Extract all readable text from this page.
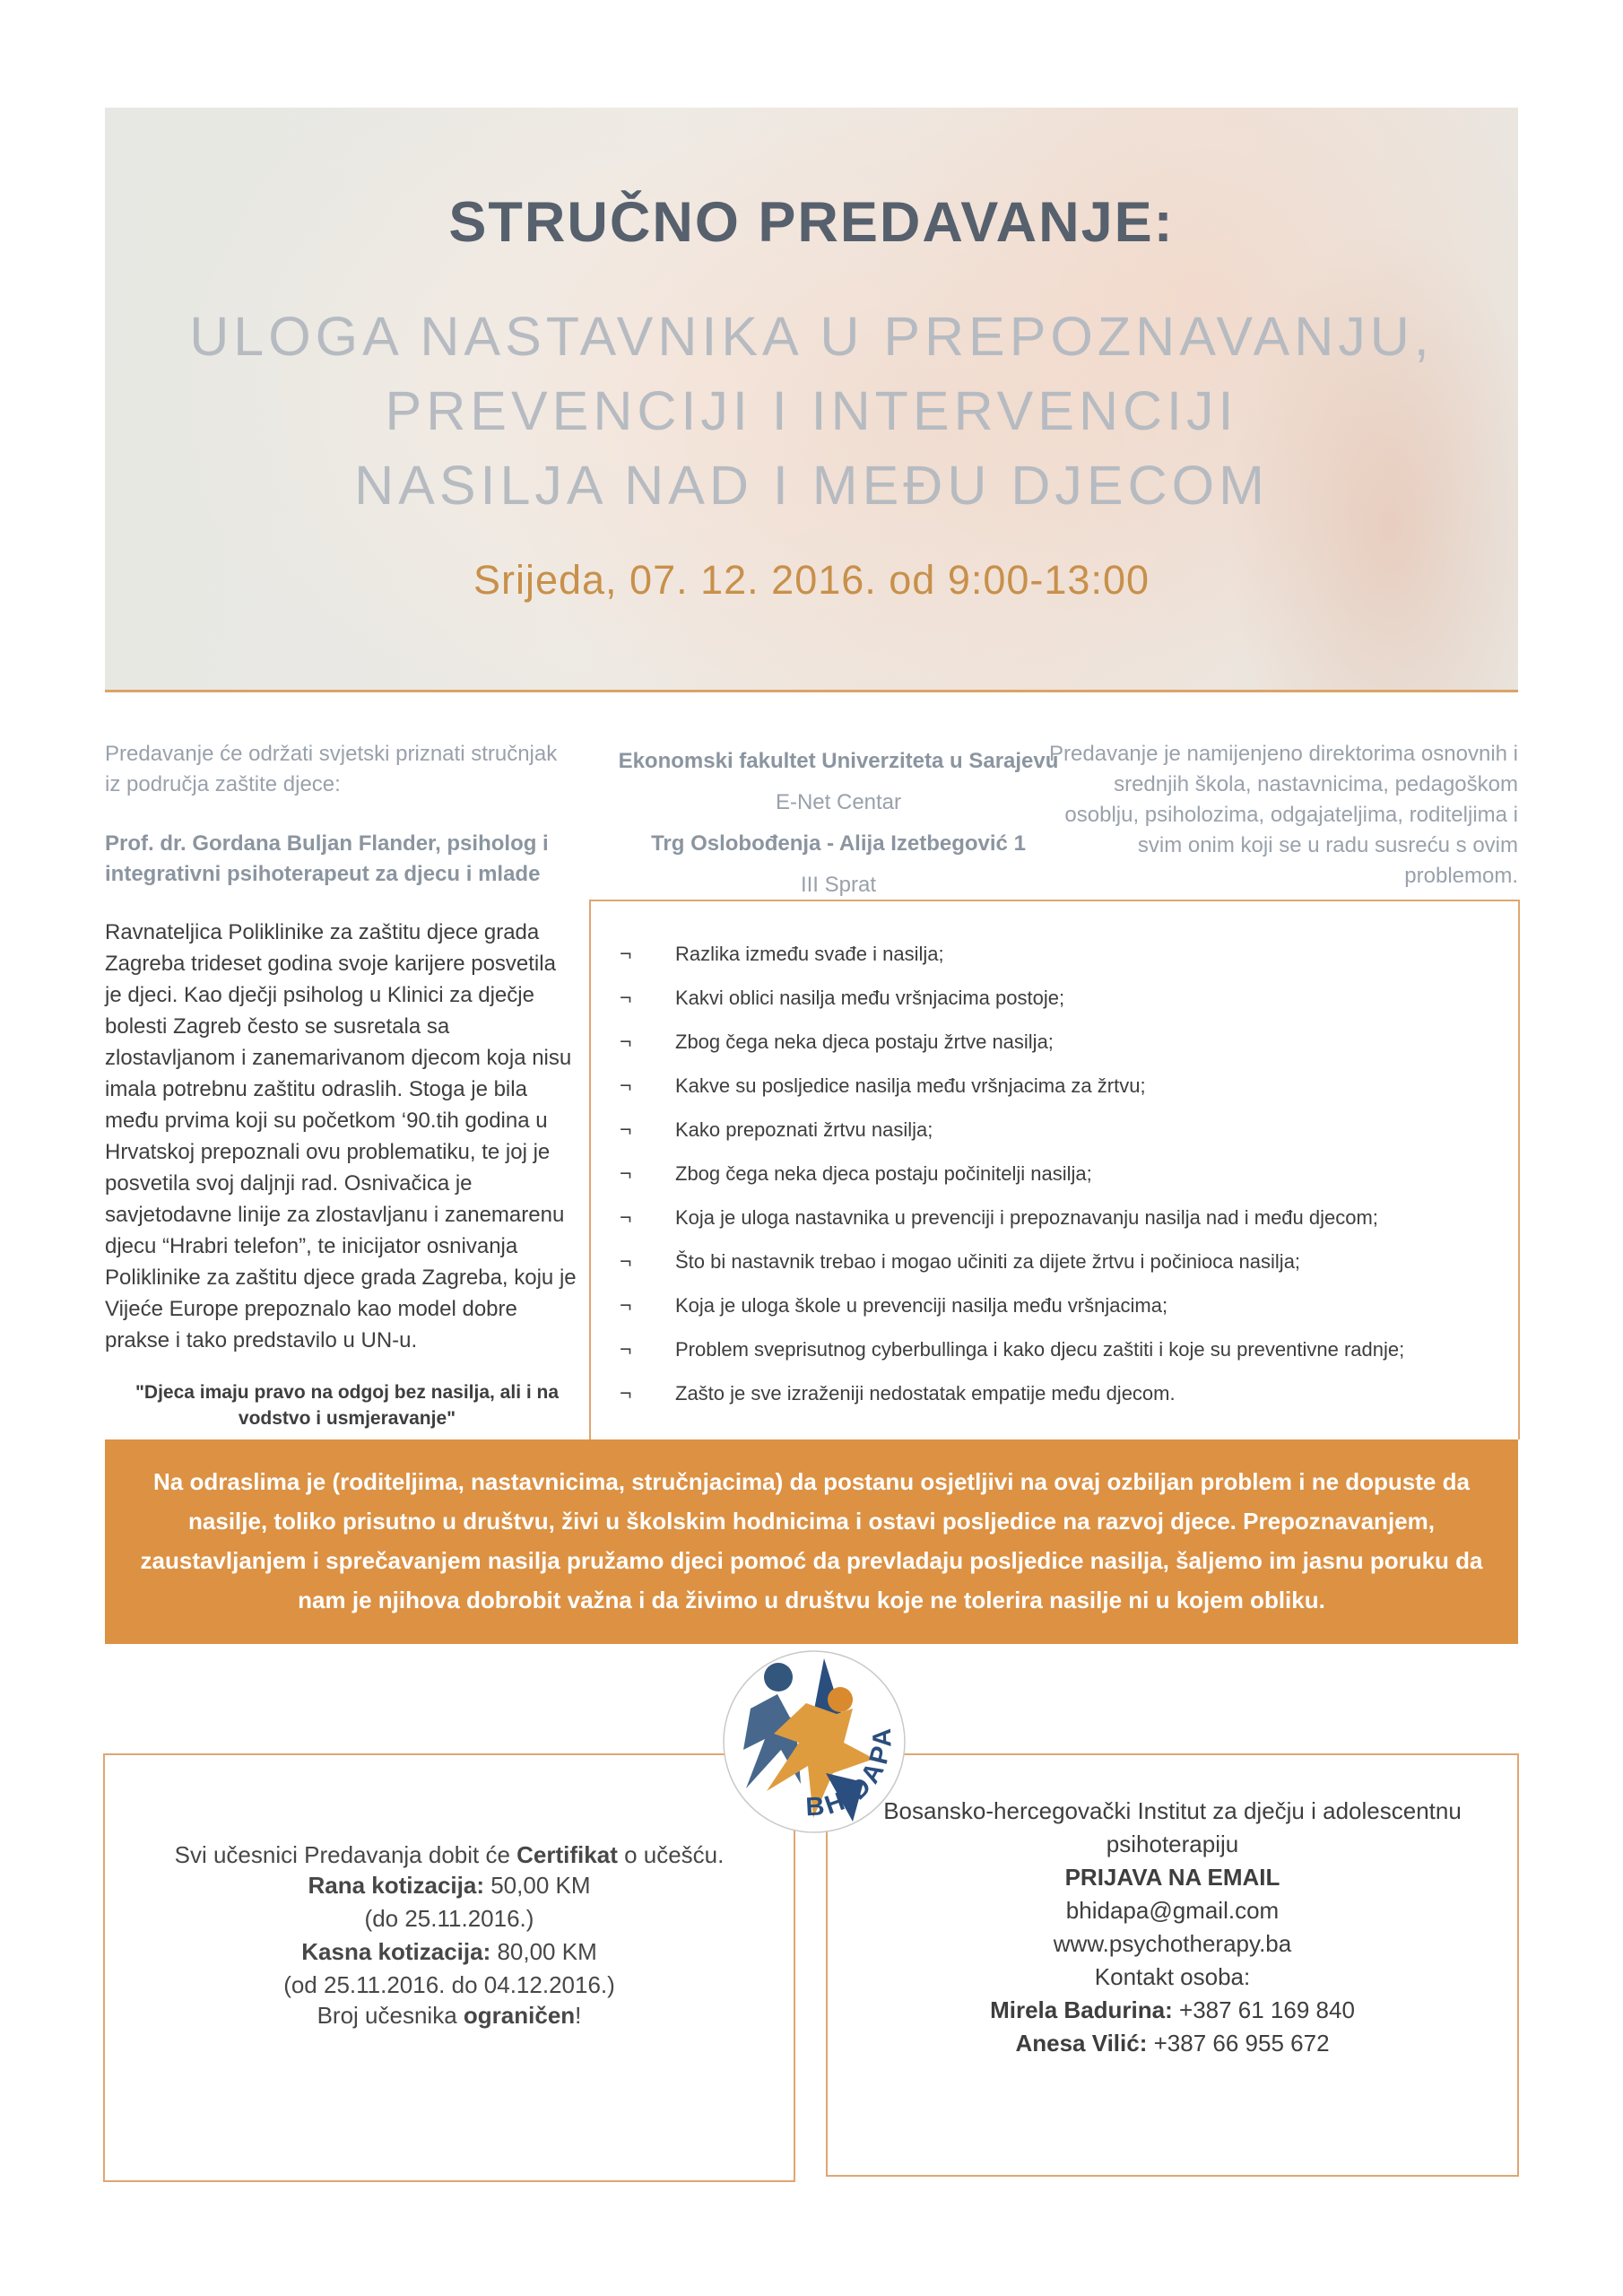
STRUČNO PREDAVANJE:
ULOGA NASTAVNIKA U PREPOZNAVANJU,
PREVENCIJI I INTERVENCIJI
NASILJA NAD I MEĐU DJECOM
Srijeda, 07. 12. 2016. od 9:00-13:00

Predavanje će održati svjetski priznati stručnjak iz područja zaštite djece:

Prof. dr. Gordana Buljan Flander, psiholog i integrativni psihoterapeut za djecu i mlade

Ekonomski fakultet Univerziteta u Sarajevu
E-Net Centar
Trg Oslobođenja - Alija Izetbegović 1
III Sprat

Predavanje je namijenjeno direktorima osnovnih i srednjih škola, nastavnicima, pedagoškom osoblju, psiholozima, odgajateljima, roditeljima i svim onim koji se u radu susreću s ovim problemom.

Ravnateljica Poliklinike za zaštitu djece grada Zagreba trideset godina svoje karijere posvetila je djeci. Kao dječji psiholog u Klinici za dječje bolesti Zagreb često se susretala sa zlostavljanom i zanemarivanom djecom koja nisu imala potrebnu zaštitu odraslih. Stoga je bila među prvima koji su početkom ‘90.tih godina u Hrvatskoj prepoznali ovu problematiku, te joj je posvetila svoj daljnji rad. Osnivačica je savjetodavne linije za zlostavljanu i zanemarenu djecu “Hrabri telefon”, te inicijator osnivanja Poliklinike za zaštitu djece grada Zagreba, koju je Vijeće Europe prepoznalo kao model dobre prakse i tako predstavilo u UN-u.
"Djeca imaju pravo na odgoj bez nasilja, ali i na vodstvo i usmjeravanje"
¬	Razlika između svađe i nasilja;
¬	Kakvi oblici nasilja među vršnjacima postoje;
¬	Zbog čega neka djeca postaju žrtve nasilja;
¬	Kakve su posljedice nasilja među vršnjacima za žrtvu;
¬	Kako prepoznati žrtvu nasilja;
¬	Zbog čega neka djeca postaju počinitelji nasilja;
¬	Koja je uloga nastavnika u prevenciji i prepoznavanju nasilja nad i među djecom;
¬	Što bi nastavnik trebao i mogao učiniti za dijete žrtvu i počinioca nasilja;
¬	Koja je uloga škole u prevenciji nasilja među vršnjacima;
¬	Problem sveprisutnog cyberbullinga i kako djecu zaštiti i koje su preventivne radnje;
¬	Zašto je sve izraženiji nedostatak empatije među djecom.
Na odraslima je (roditeljima, nastavnicima, stručnjacima) da postanu osjetljivi na ovaj ozbiljan problem i ne dopuste da nasilje, toliko prisutno u društvu, živi u školskim hodnicima i ostavi posljedice na razvoj djece. Prepoznavanjem, zaustavljanjem i sprečavanjem nasilja pružamo djeci pomoć da prevladaju posljedice nasilja, šaljemo im jasnu poruku da nam je njihova dobrobit važna i da živimo u društvu koje ne tolerira nasilje ni u kojem obliku.
BHIDAPA

Svi učesnici Predavanja dobit će Certifikat o učešću.

Rana kotizacija: 50,00 KM
(do 25.11.2016.)

Kasna kotizacija: 80,00 KM
(od 25.11.2016. do 04.12.2016.)

Broj učesnika ograničen!

Bosansko-hercegovački Institut za dječju i adolescentnu psihoterapiju

PRIJAVA NA EMAIL
bhidapa@gmail.com
www.psychotherapy.ba

Kontakt osoba:
Mirela Badurina: +387 61 169 840
Anesa Vilić: +387 66 955 672
